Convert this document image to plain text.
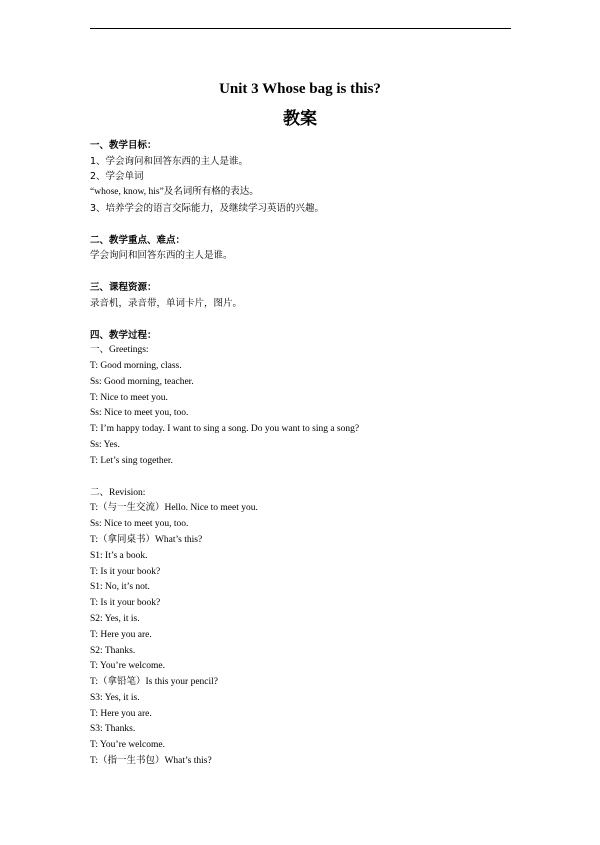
Unit 3 Whose bag is this?
教案

一、教学目标：

1、学会询问和回答东西的主人是谁。

2、学会单词

“whose, know, his”及名词所有格的表达。

3、培养学会的语言交际能力，及继续学习英语的兴趣。

二、教学重点、难点：

学会询问和回答东西的主人是谁。

三、课程资源：

录音机，录音带，单词卡片，图片。

四、教学过程：

一、Greetings:

T: Good morning, class.

Ss: Good morning, teacher.

T: Nice to meet you.

Ss: Nice to meet you, too.

T: I’m happy today. I want to sing a song. Do you want to sing a song?

Ss: Yes.

T: Let’s sing together.

二、Revision:

T:（与一生交流）Hello. Nice to meet you.

Ss: Nice to meet you, too.

T:（拿同桌书）What’s this?

S1: It’s a book.

T: Is it your book?

S1: No, it’s not.

T: Is it your book?

S2: Yes, it is.

T: Here you are.

S2: Thanks.

T: You’re welcome.

T:（拿铅笔）Is this your pencil?

S3: Yes, it is.

T: Here you are.

S3: Thanks.

T: You’re welcome.

T:（指一生书包）What’s this?
